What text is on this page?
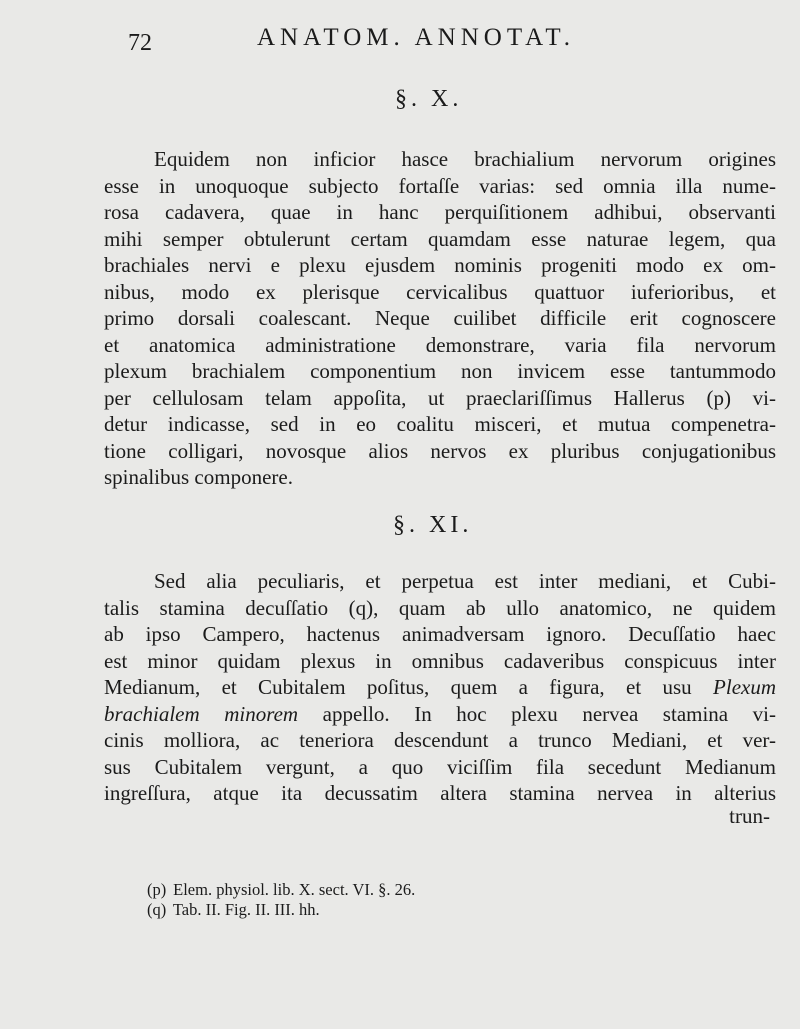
72	ANATOM. ANNOTAT.
§. X.
Equidem non inficior hasce brachialium nervorum origines
esse in unoquoque subjecto fortaſſe varias: sed omnia illa nume-
rosa cadavera, quae in hanc perquiſitionem adhibui, observanti
mihi semper obtulerunt certam quamdam esse naturae legem, qua
brachiales nervi e plexu ejusdem nominis progeniti modo ex om-
nibus, modo ex plerisque cervicalibus quattuor iuferioribus, et
primo dorsali coalescant. Neque cuilibet difficile erit cognoscere
et anatomica administratione demonstrare, varia fila nervorum
plexum brachialem componentium non invicem esse tantummodo
per cellulosam telam appoſita, ut praeclariſſimus Hallerus (p) vi-
detur indicasse, sed in eo coalitu misceri, et mutua compenetra-
tione colligari, novosque alios nervos ex pluribus conjugationibus
spinalibus componere.
§. XI.
Sed alia peculiaris, et perpetua est inter mediani, et Cubi-
talis stamina decuſſatio (q), quam ab ullo anatomico, ne quidem
ab ipso Campero, hactenus animadversam ignoro. Decuſſatio haec
est minor quidam plexus in omnibus cadaveribus conspicuus inter
Medianum, et Cubitalem poſitus, quem a figura, et usu Plexum
brachialem minorem appello. In hoc plexu nervea stamina vi-
cinis molliora, ac teneriora descendunt a trunco Mediani, et ver-
sus Cubitalem vergunt, a quo viciſſim fila secedunt Medianum
ingreſſura, atque ita decussatim altera stamina nervea in alterius
trun-
(p) Elem. physiol. lib. X. sect. VI. §. 26.
(q) Tab. II. Fig. II. III. hh.
